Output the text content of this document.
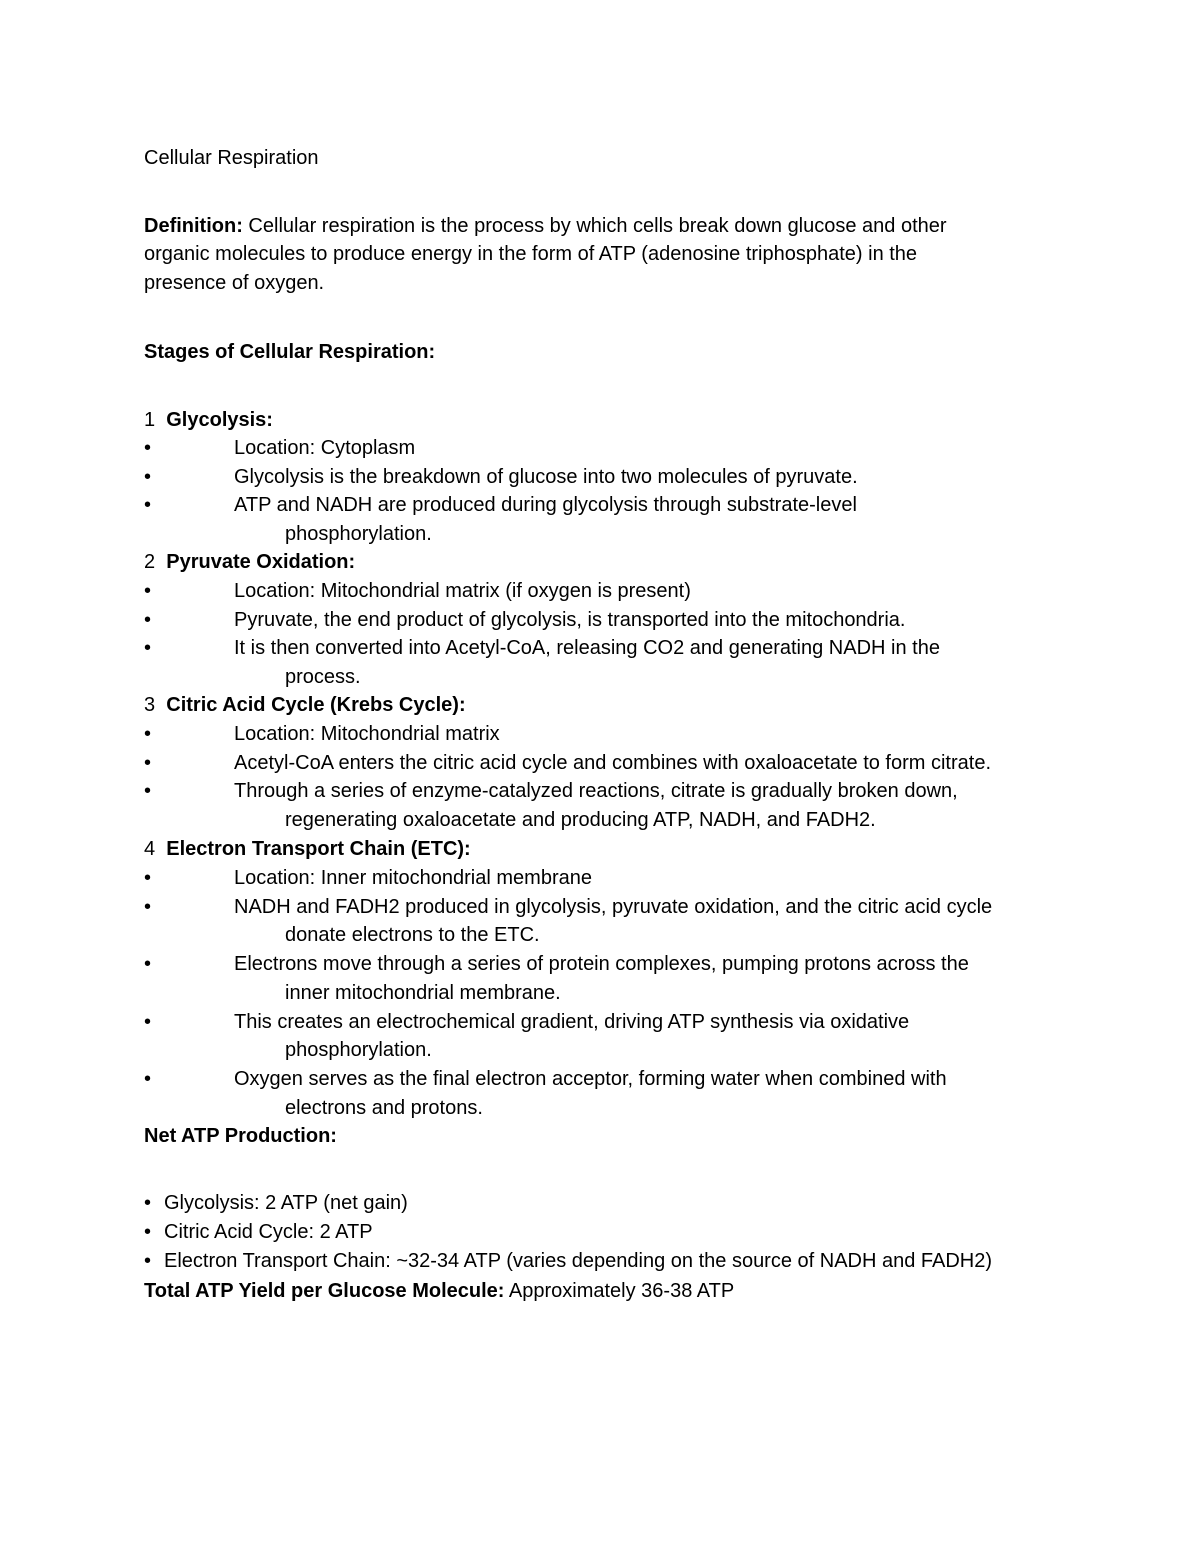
Cellular Respiration
Definition: Cellular respiration is the process by which cells break down glucose and other
organic molecules to produce energy in the form of ATP (adenosine triphosphate) in the
presence of oxygen.
Stages of Cellular Respiration:
1 Glycolysis:
•	Location: Cytoplasm
•	Glycolysis is the breakdown of glucose into two molecules of pyruvate.
•	ATP and NADH are produced during glycolysis through substrate-level
phosphorylation.
2 Pyruvate Oxidation:
•	Location: Mitochondrial matrix (if oxygen is present)
•	Pyruvate, the end product of glycolysis, is transported into the mitochondria.
•	It is then converted into Acetyl-CoA, releasing CO2 and generating NADH in the
process.
3 Citric Acid Cycle (Krebs Cycle):
•	Location: Mitochondrial matrix
•	Acetyl-CoA enters the citric acid cycle and combines with oxaloacetate to form citrate.
•	Through a series of enzyme-catalyzed reactions, citrate is gradually broken down,
regenerating oxaloacetate and producing ATP, NADH, and FADH2.
4 Electron Transport Chain (ETC):
•	Location: Inner mitochondrial membrane
•	NADH and FADH2 produced in glycolysis, pyruvate oxidation, and the citric acid cycle
donate electrons to the ETC.
•	Electrons move through a series of protein complexes, pumping protons across the
inner mitochondrial membrane.
•	This creates an electrochemical gradient, driving ATP synthesis via oxidative
phosphorylation.
•	Oxygen serves as the final electron acceptor, forming water when combined with
electrons and protons.
Net ATP Production:
• Glycolysis: 2 ATP (net gain)
• Citric Acid Cycle: 2 ATP
• Electron Transport Chain: ~32-34 ATP (varies depending on the source of NADH and FADH2)
Total ATP Yield per Glucose Molecule: Approximately 36-38 ATP
